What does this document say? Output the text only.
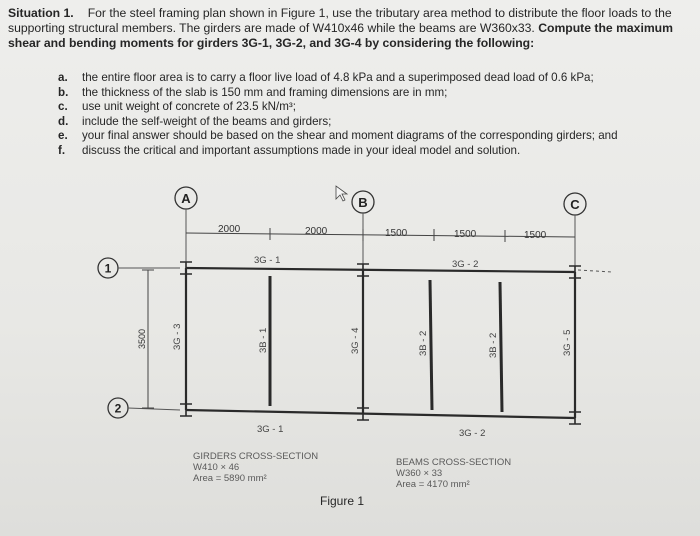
Situation 1. For the steel framing plan shown in Figure 1, use the tributary area method to distribute the floor loads to the supporting structural members. The girders are made of W410x46 while the beams are W360x33. Compute the maximum shear and bending moments for girders 3G-1, 3G-2, and 3G-4 by considering the following:
a.	the entire floor area is to carry a floor live load of 4.8 kPa and a superimposed dead load of 0.6 kPa;
b.	the thickness of the slab is 150 mm and framing dimensions are in mm;
c.	use unit weight of concrete of 23.5 kN/m³;
d.	include the self-weight of the beams and girders;
e.	your final answer should be based on the shear and moment diagrams of the corresponding girders; and
f.	discuss the critical and important assumptions made in your ideal model and solution.
A	B	C
1
2
2000	2000	1500	1500	1500
3500
3G - 1	3G - 2
3G - 1	3G - 2
3G - 3	3G - 4	3G - 5
3B - 1	3B - 2	3B - 2
GIRDERS CROSS-SECTION
W410 × 46
Area = 5890 mm²
BEAMS CROSS-SECTION
W360 × 33
Area = 4170 mm²
Figure 1
